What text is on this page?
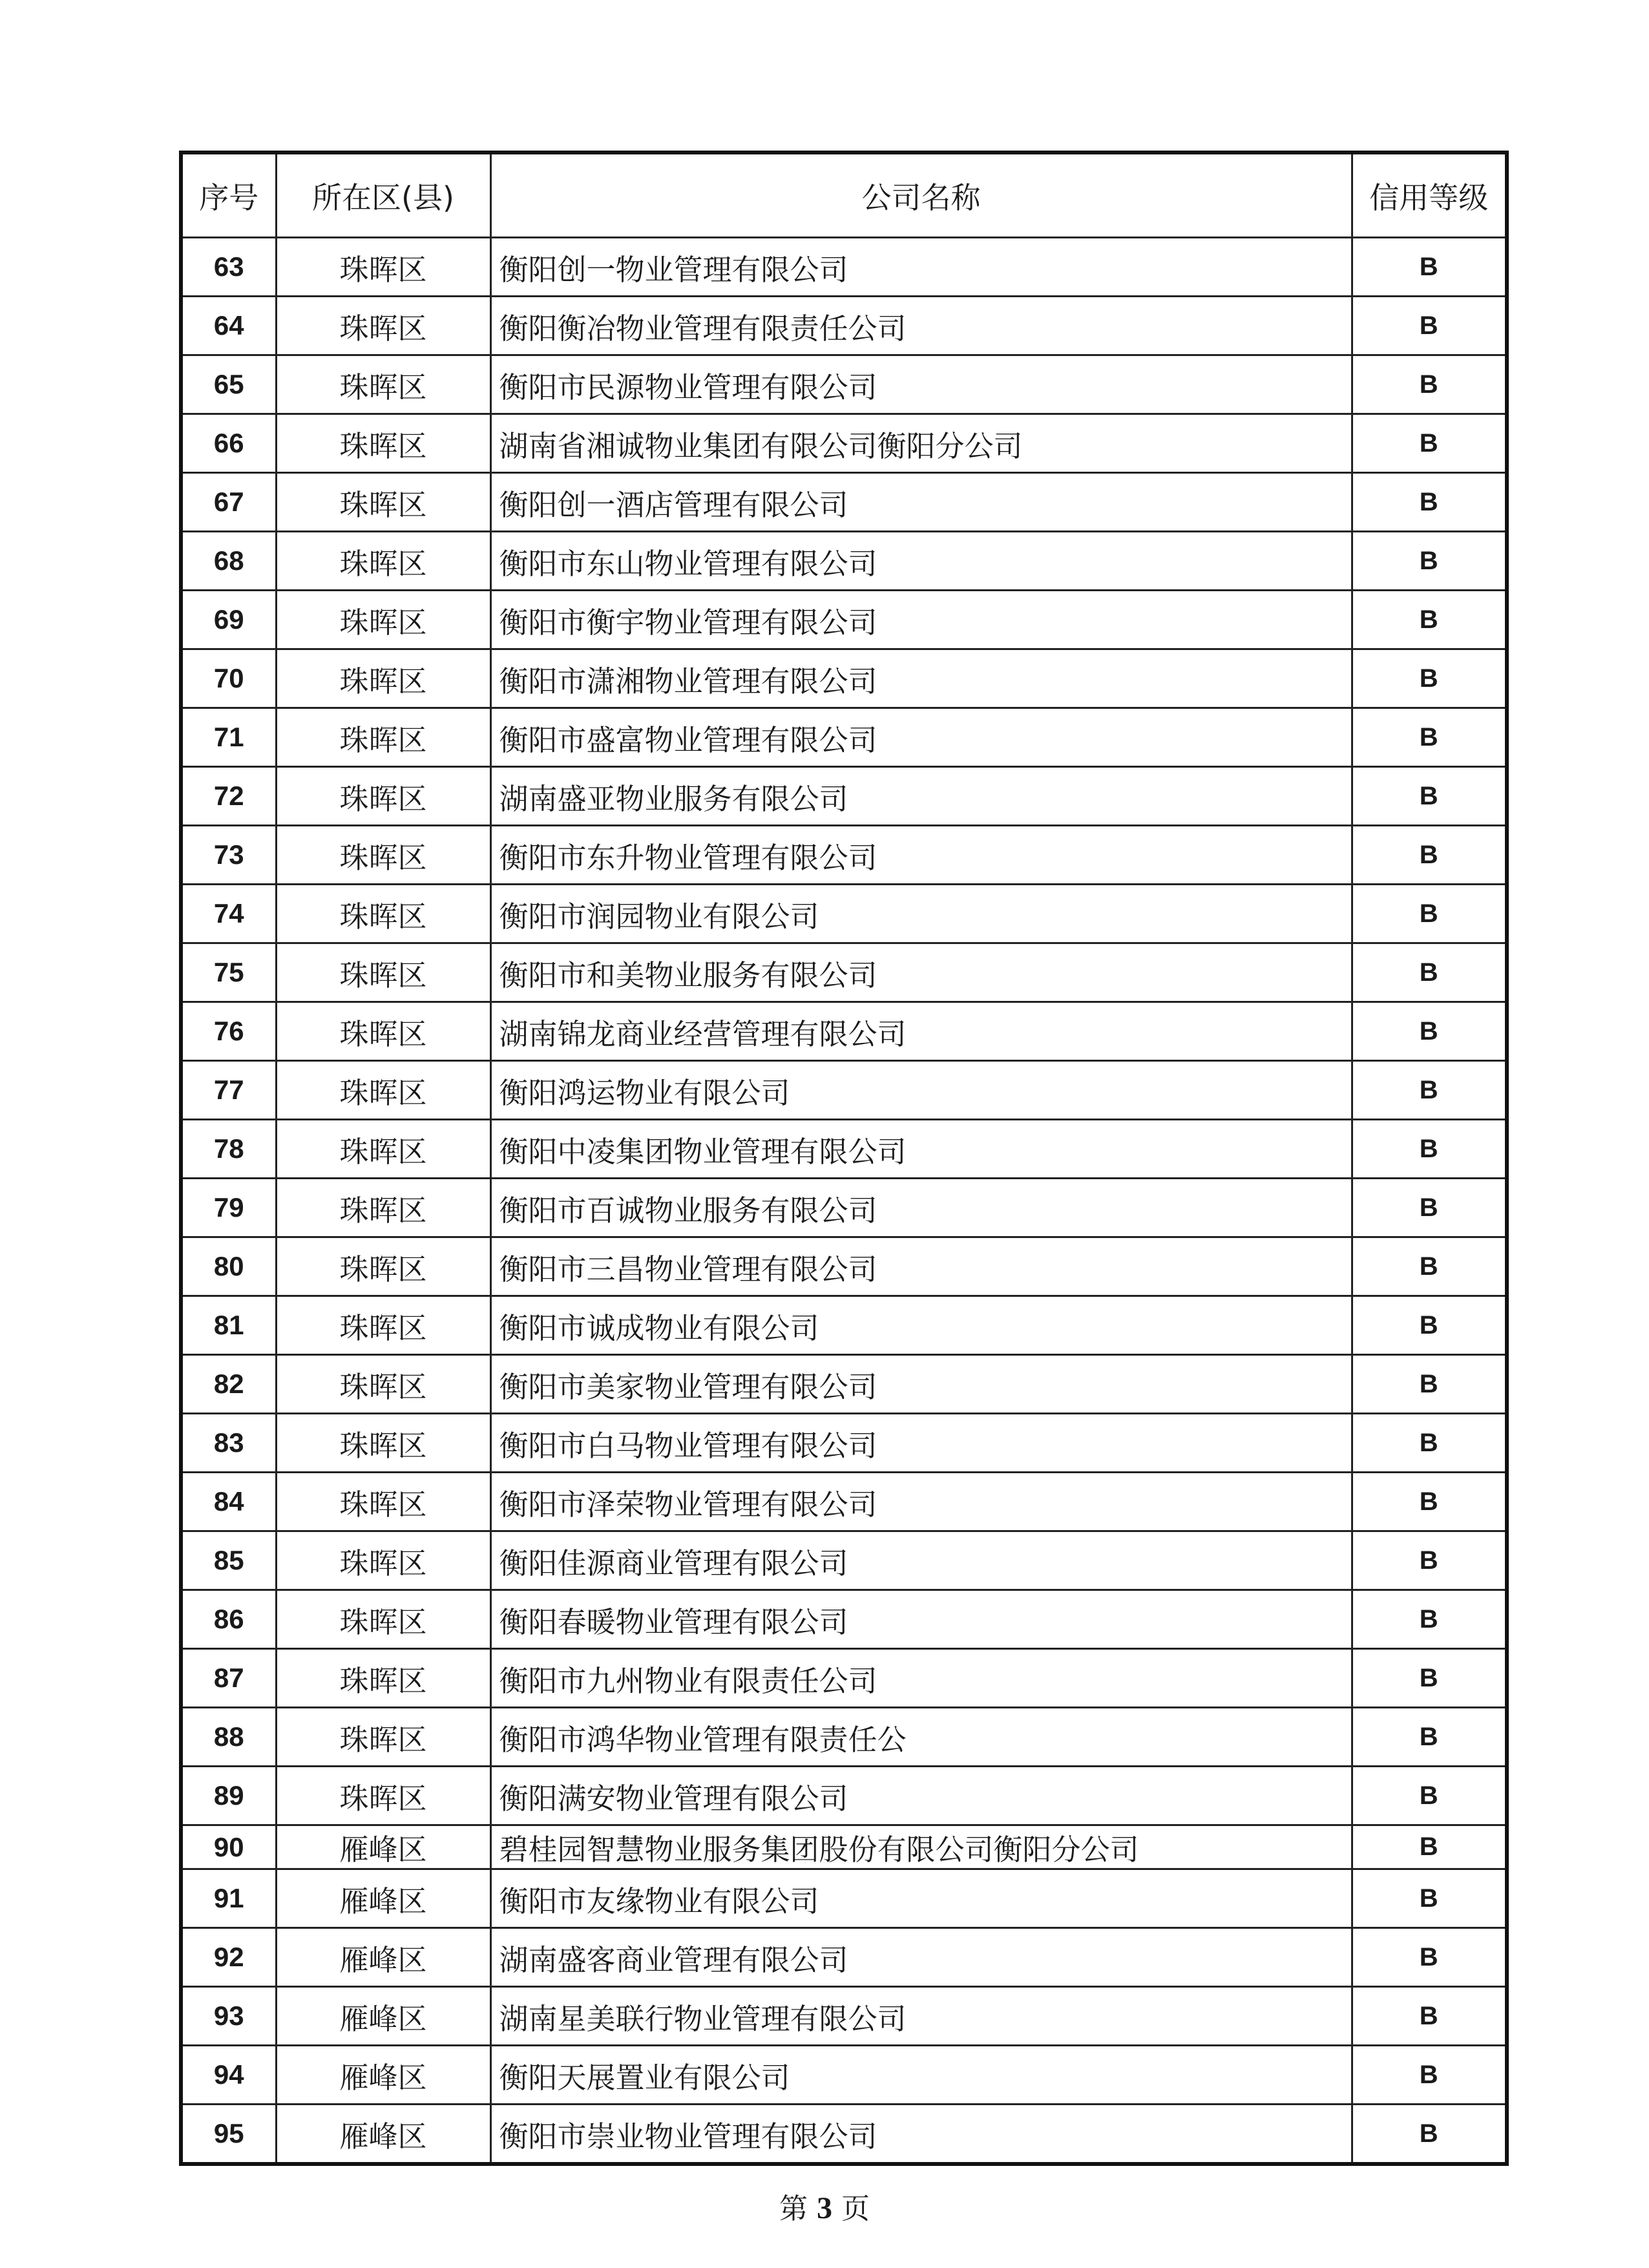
序号	所在区(县)	公司名称	信用等级
63	珠晖区	衡阳创一物业管理有限公司	B
64	珠晖区	衡阳衡冶物业管理有限责任公司	B
65	珠晖区	衡阳市民源物业管理有限公司	B
66	珠晖区	湖南省湘诚物业集团有限公司衡阳分公司	B
67	珠晖区	衡阳创一酒店管理有限公司	B
68	珠晖区	衡阳市东山物业管理有限公司	B
69	珠晖区	衡阳市衡宇物业管理有限公司	B
70	珠晖区	衡阳市潇湘物业管理有限公司	B
71	珠晖区	衡阳市盛富物业管理有限公司	B
72	珠晖区	湖南盛亚物业服务有限公司	B
73	珠晖区	衡阳市东升物业管理有限公司	B
74	珠晖区	衡阳市润园物业有限公司	B
75	珠晖区	衡阳市和美物业服务有限公司	B
76	珠晖区	湖南锦龙商业经营管理有限公司	B
77	珠晖区	衡阳鸿运物业有限公司	B
78	珠晖区	衡阳中凌集团物业管理有限公司	B
79	珠晖区	衡阳市百诚物业服务有限公司	B
80	珠晖区	衡阳市三昌物业管理有限公司	B
81	珠晖区	衡阳市诚成物业有限公司	B
82	珠晖区	衡阳市美家物业管理有限公司	B
83	珠晖区	衡阳市白马物业管理有限公司	B
84	珠晖区	衡阳市泽荣物业管理有限公司	B
85	珠晖区	衡阳佳源商业管理有限公司	B
86	珠晖区	衡阳春暖物业管理有限公司	B
87	珠晖区	衡阳市九州物业有限责任公司	B
88	珠晖区	衡阳市鸿华物业管理有限责任公	B
89	珠晖区	衡阳满安物业管理有限公司	B
90	雁峰区	碧桂园智慧物业服务集团股份有限公司衡阳分公司	B
91	雁峰区	衡阳市友缘物业有限公司	B
92	雁峰区	湖南盛客商业管理有限公司	B
93	雁峰区	湖南星美联行物业管理有限公司	B
94	雁峰区	衡阳天展置业有限公司	B
95	雁峰区	衡阳市崇业物业管理有限公司	B
第 3 页
